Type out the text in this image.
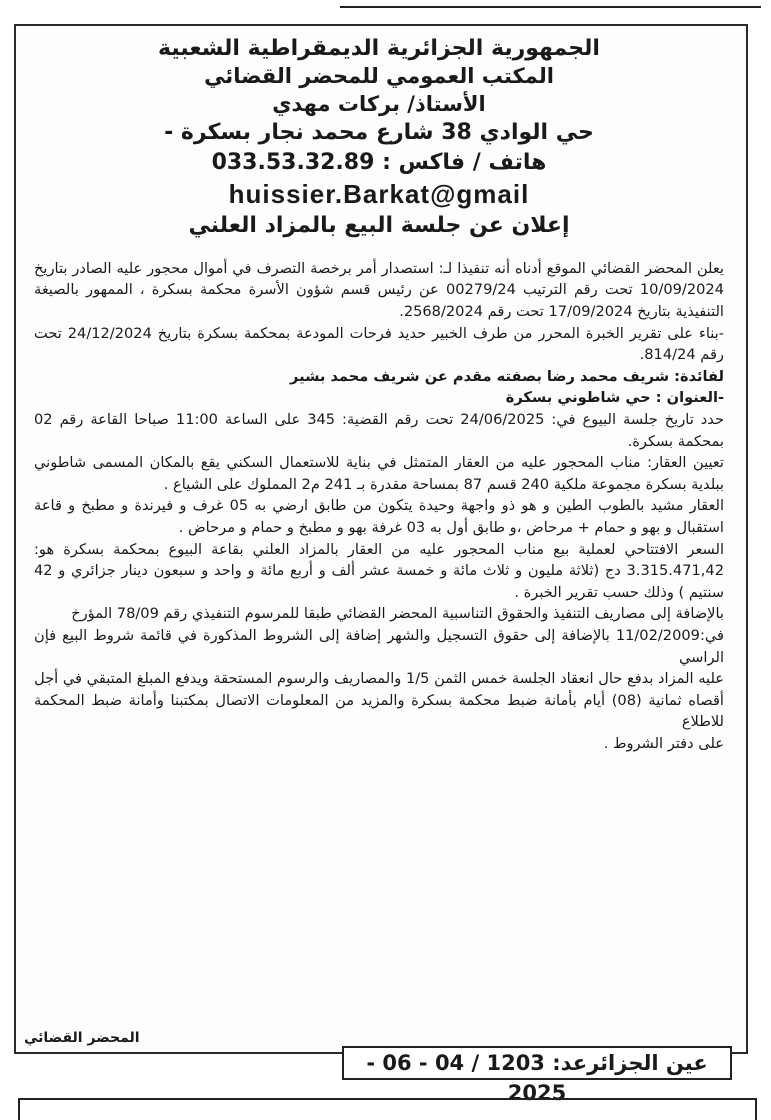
الجمهورية الجزائرية الديمقراطية الشعبية
المكتب العمومي للمحضر القضائي
الأستاذ/ بركات مهدي
حي الوادي 38 شارع محمد نجار بسكرة -
هاتف / فاكس : 033.53.32.89
huissier.Barkat@gmail
إعلان عن جلسة البيع بالمزاد العلني

يعلن المحضر القضائي الموقع أدناه أنه تنفيذا لـ: استصدار أمر برخصة التصرف في أموال محجور عليه الصادر بتاريخ 10/09/2024 تحت رقم الترتيب 00279/24 عن رئيس قسم شؤون الأسرة محكمة بسكرة ، الممهور بالصيغة التنفيذية بتاريخ 17/09/2024 تحت رقم 2568/2024.

-بناء على تقرير الخبرة المحرر من طرف الخبير حديد فرحات المودعة بمحكمة بسكرة بتاريخ 24/12/2024 تحت رقم 814/24.

لفائدة: شريف محمد رضا بصفته مقدم عن شريف محمد بشير

-العنوان : حي شاطوني بسكرة

حدد تاريخ جلسة البيوع في: 24/06/2025 تحت رقم القضية: 345 على الساعة 11:00 صباحا القاعة رقم 02 بمحكمة بسكرة.

تعيين العقار: مناب المحجور عليه من العقار المتمثل في بناية للاستعمال السكني يقع بالمكان المسمى شاطوني ببلدية بسكرة مجموعة ملكية 240 قسم 87 بمساحة مقدرة بـ 241 م2 المملوك على الشياع .

العقار مشيد بالطوب الطين و هو ذو واجهة وحيدة يتكون من طابق ارضي به 05 غرف و فيرندة و مطبخ و قاعة استقبال و بهو و حمام + مرحاض ،و طابق أول به 03 غرفة بهو و مطبخ و حمام و مرحاض .

السعر الافتتاحي لعملية بيع مناب المحجور عليه من العقار بالمزاد العلني بقاعة البيوع بمحكمة بسكرة هو: 3.315.471,42 دج (ثلاثة مليون و ثلاث مائة و خمسة عشر ألف و أربع مائة و واحد و سبعون دينار جزائري و 42 سنتيم ) وذلك حسب تقرير الخبرة .

بالإضافة إلى مصاريف التنفيذ والحقوق التناسبية المحضر القضائي طبقا للمرسوم التنفيذي رقم 78/09 المؤرخ

في:11/02/2009 بالإضافة إلى حقوق التسجيل والشهر إضافة إلى الشروط المذكورة في قائمة شروط البيع فإن الراسي

عليه المزاد بدفع حال انعقاد الجلسة خمس الثمن 1/5 والمصاريف والرسوم المستحقة ويدفع المبلغ المتبقي في أجل

أقصاه ثمانية (08) أيام بأمانة ضبط محكمة بسكرة والمزيد من المعلومات الاتصال بمكتبنا وأمانة ضبط المحكمة للاطلاع

على دفتر الشروط .

المحضر القضائي
عين الجزائرعد: 1203 / 04 - 06 - 2025
